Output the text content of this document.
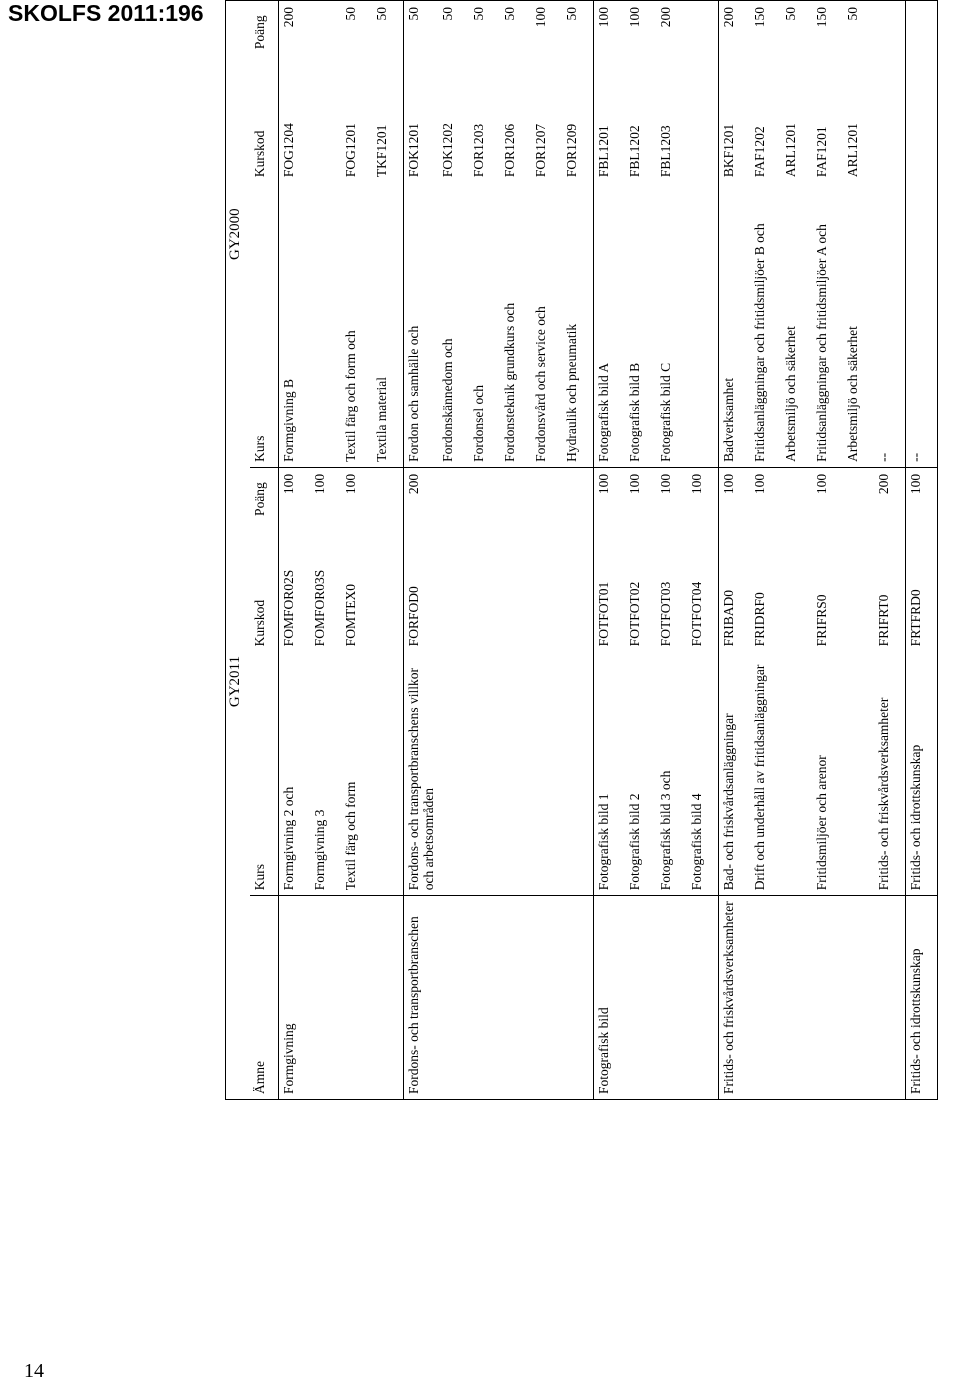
SKOLFS 2011:196
14
	GY2011			GY2000		
Ämne	Kurs	Kurskod	Poäng	Kurs	Kurskod	Poäng
Formgivning	Formgivning 2 och	FOMFOR02S	100	Formgivning B	FOG1204	200
	Formgivning 3	FOMFOR03S	100			
	Textil färg och form	FOMTEX0	100	Textil färg och form och	FOG1201	50
				Textila material	TKF1201	50
Fordons- och transportbranschen	Fordons- och transportbranschens villkor och arbetsområden	FORFOD0	200	Fordon och samhälle och	FOK1201	50
				Fordonskännedom och	FOK1202	50
				Fordonsel och	FOR1203	50
				Fordonsteknik grundkurs och	FOR1206	50
				Fordonsvård och service och	FOR1207	100
				Hydraulik och pneumatik	FOR1209	50
Fotografisk bild	Fotografisk bild 1	FOTFOT01	100	Fotografisk bild A	FBL1201	100
	Fotografisk bild 2	FOTFOT02	100	Fotografisk bild B	FBL1202	100
	Fotografisk bild 3 och	FOTFOT03	100	Fotografisk bild C	FBL1203	200
	Fotografisk bild 4	FOTFOT04	100			
Fritids- och friskvårdsverksamheter	Bad- och friskvårdsanläggningar	FRIBAD0	100	Badverksamhet	BKF1201	200
	Drift och underhåll av fritidsanläggningar	FRIDRF0	100	Fritidsanläggningar och fritidsmiljöer B och	FAF1202	150
				Arbetsmiljö och säkerhet	ARL1201	50
	Fritidsmiljöer och arenor	FRIFRS0	100	Fritidsanläggningar och fritidsmiljöer A och	FAF1201	150
				Arbetsmiljö och säkerhet	ARL1201	50
	Fritids- och friskvårdsverksamheter	FRIFRT0	200	--		
Fritids- och idrottskunskap	Fritids- och idrottskunskap	FRTFRD0	100	--		
